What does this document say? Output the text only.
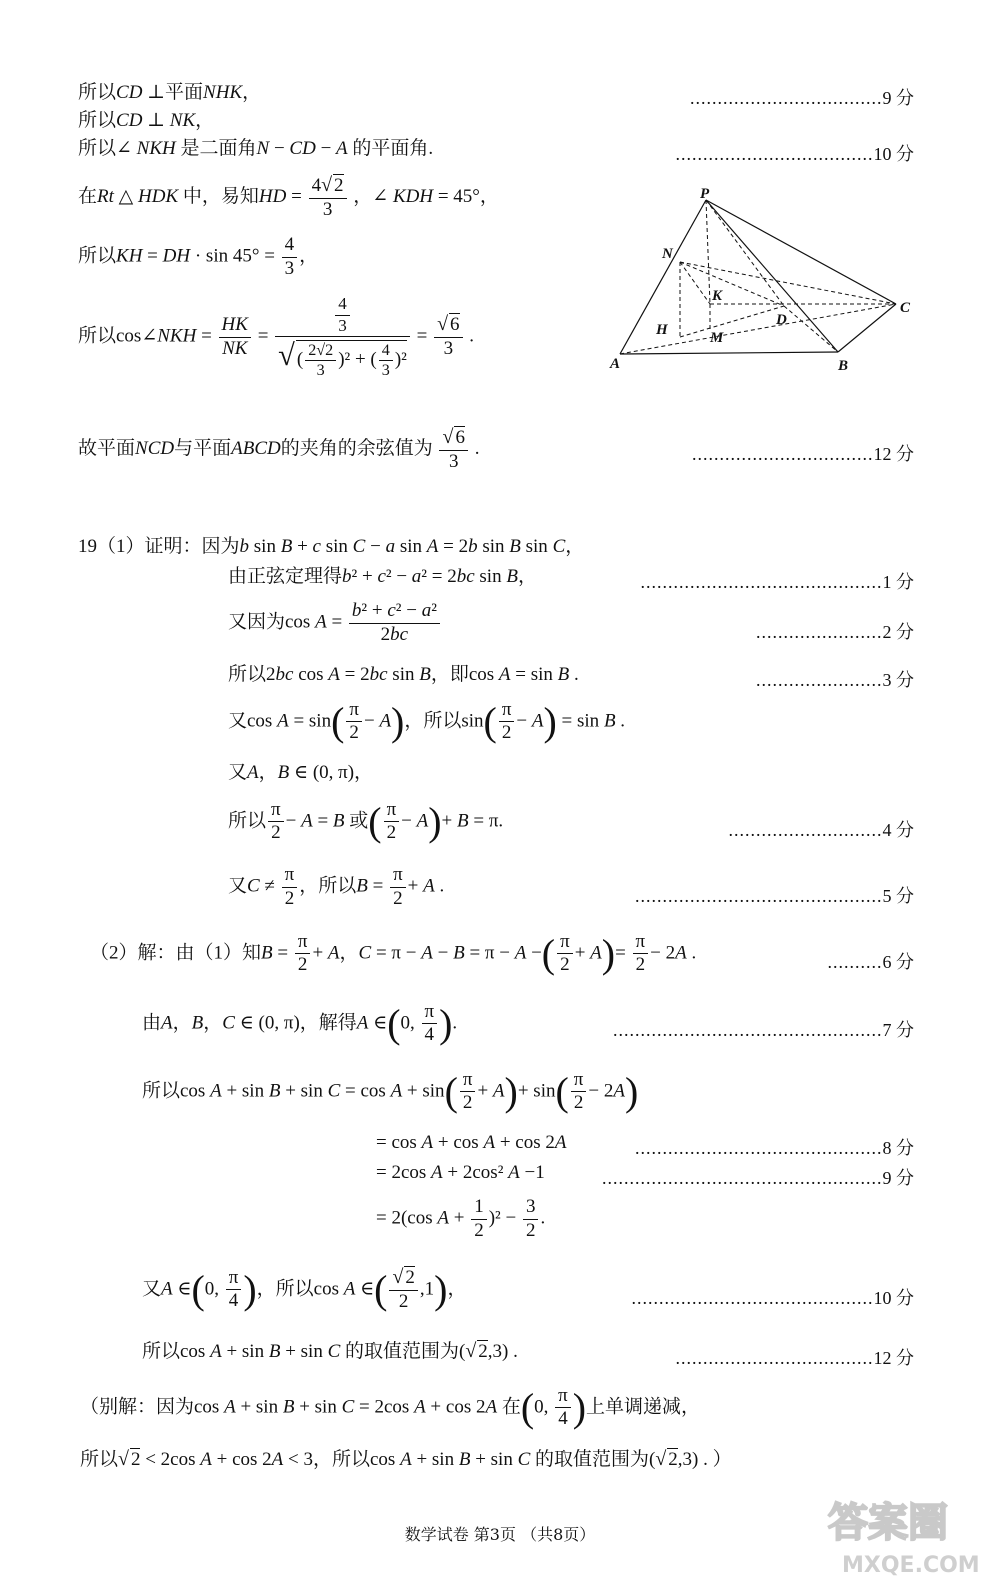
所以CD ⊥平面NHK，	...................................9 分
所以CD ⊥ NK，
所以∠ NKH 是二面角N − CD − A 的平面角.	....................................10 分
在Rt △ HDK 中，易知HD = $\frac{4√ 2}{3}$ ，∠ KDH = 45°，
所以KH = DH · $\sin 45^\circ = \frac{4}{3}$ ，
所以cos∠NKH = $\frac{HK}{NK} = \frac{\frac{4}{3}}{√ ( \frac{2√2}{3} )^2 + ( \frac{4}{3} )^2} = \frac{√ 6}{3}$ .
故平面NCD与平面ABCD的夹角的余弦值为 $\frac{√ 6}{3}$ .	.................................12 分
P
N
K
D
C
H	M
A	B
19（1）证明：因为b sin B + c sin C − a sin A = 2b sin B sin C，
由正弦定理得b² + c² − a² = 2bc sin B，	............................................1 分
又因为$\cos A = \frac{\text{b² + c² − a²}}{2bc}$	.......................2 分
所以2bc cos A = 2bc sin B，即cos A = sin B .	.......................3 分
又$\cos A = \sin( \frac{\pi}{2} - A)$，所以$\sin( \frac{\pi}{2} - A) = \sin B$ .
又A，B ∈ (0, π)，
所以 $\frac{\pi}{2} - A = B$ 或( $\frac{\pi}{2} - A)+ B = \pi$.	............................4 分
又$C \ne \frac{\pi}{2}$ ，所以$B = \frac{\pi}{2} + A$ .	.............................................5 分
（2）解：由（1）知$B = \frac{\pi}{2} + A$，C = π − A − B = π − A −( $\frac{\pi}{2} + A)= \frac{\pi}{2} - 2A$ .	..........6 分
由A，B，C ∈ (0, π)，解得A ∈(0, $\frac{\pi}{4}$ ).	.................................................7 分
所以$\cos A + \sin B + \sin C = \cos A + \sin( \frac{\pi}{2} + A)+ \sin( \frac{\pi}{2} - 2A)$
= cos A + cos A + cos 2A	.............................................8 分
= 2cos A + 2cos² A −1	...................................................9 分
= 2(cos $A + \frac{1}{2} )^2 - \frac{3}{2}$ .
又A ∈(0, $\frac{\pi}{4}$ )，所以cos A ∈( $\frac{√ 2}{2} ,1$)，	............................................10 分
所以cos A + sin B + sin C 的取值范围为(√ 2,3) .	....................................12 分
（别解：因为cos A + sin B + sin C = 2cos A + cos 2A 在(0, $\frac{\pi}{4}$ )上单调递减，
所以√ 2 < 2cos A + cos 2A < 3，所以cos A + sin B + sin C 的取值范围为(√ 2,3) . ）
数学试卷 第3页 （共8页）	答案圈
MXQE.COM
